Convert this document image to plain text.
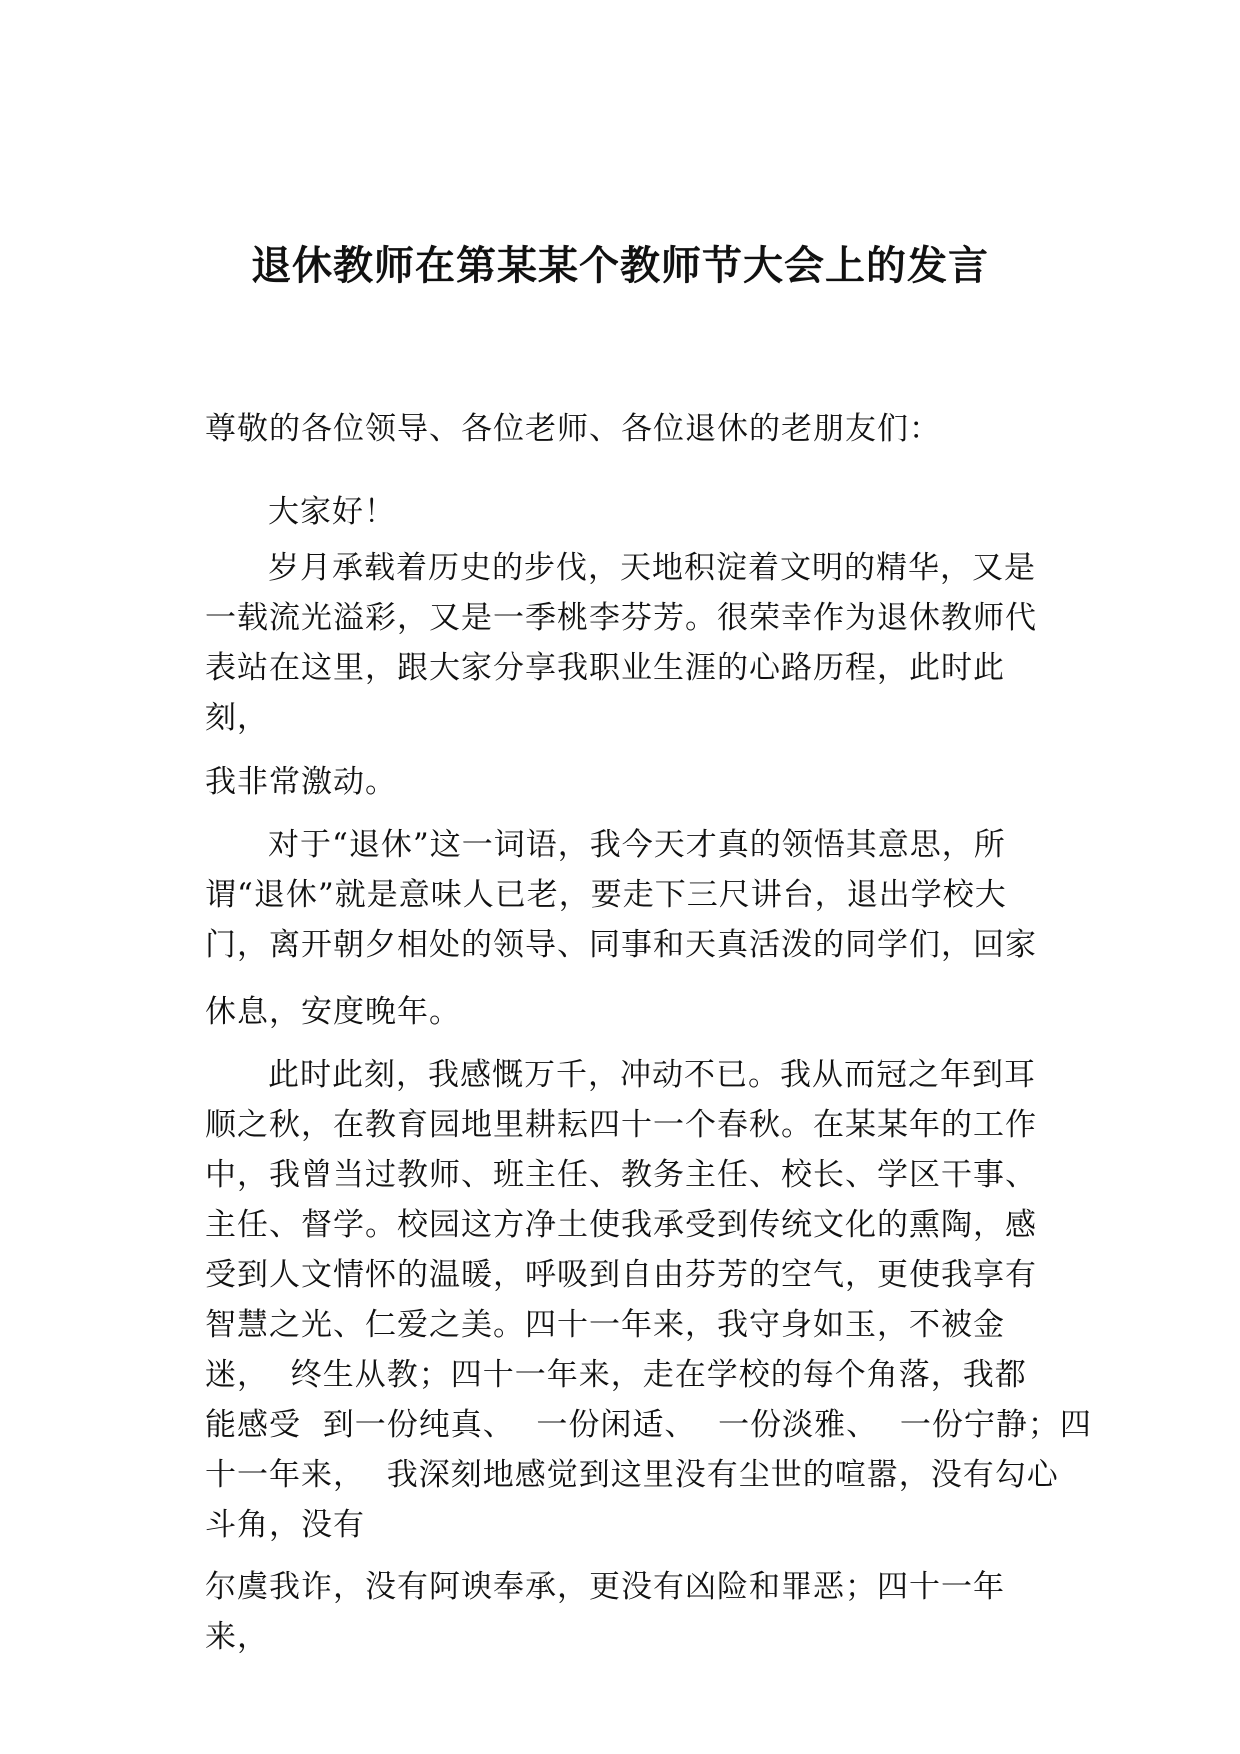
退休教师在第某某个教师节大会上的发言
尊敬的各位领导、各位老师、各位退休的老朋友们：
大家好！
岁月承载着历史的步伐，天地积淀着文明的精华，又是
一载流光溢彩，又是一季桃李芬芳。很荣幸作为退休教师代
表站在这里，跟大家分享我职业生涯的心路历程，此时此
刻，
我非常激动。
对于“退休”这一词语，我今天才真的领悟其意思，所
谓“退休”就是意味人已老，要走下三尺讲台，退出学校大
门，离开朝夕相处的领导、同事和天真活泼的同学们，回家
休息，安度晚年。
此时此刻，我感慨万千，冲动不已。我从而冠之年到耳
顺之秋，在教育园地里耕耘四十一个春秋。在某某年的工作
中，我曾当过教师、班主任、教务主任、校长、学区干事、
主任、督学。校园这方净土使我承受到传统文化的熏陶，感
受到人文情怀的温暖，呼吸到自由芬芳的空气，更使我享有
智慧之光、仁爱之美。四十一年来，我守身如玉，不被金
迷，  终生从教；四十一年来，走在学校的每个角落，我都
能感受  到一份纯真、  一份闲适、  一份淡雅、  一份宁静；四
十一年来，  我深刻地感觉到这里没有尘世的喧嚣，没有勾心
斗角，没有
尔虞我诈，没有阿谀奉承，更没有凶险和罪恶；四十一年
来，
